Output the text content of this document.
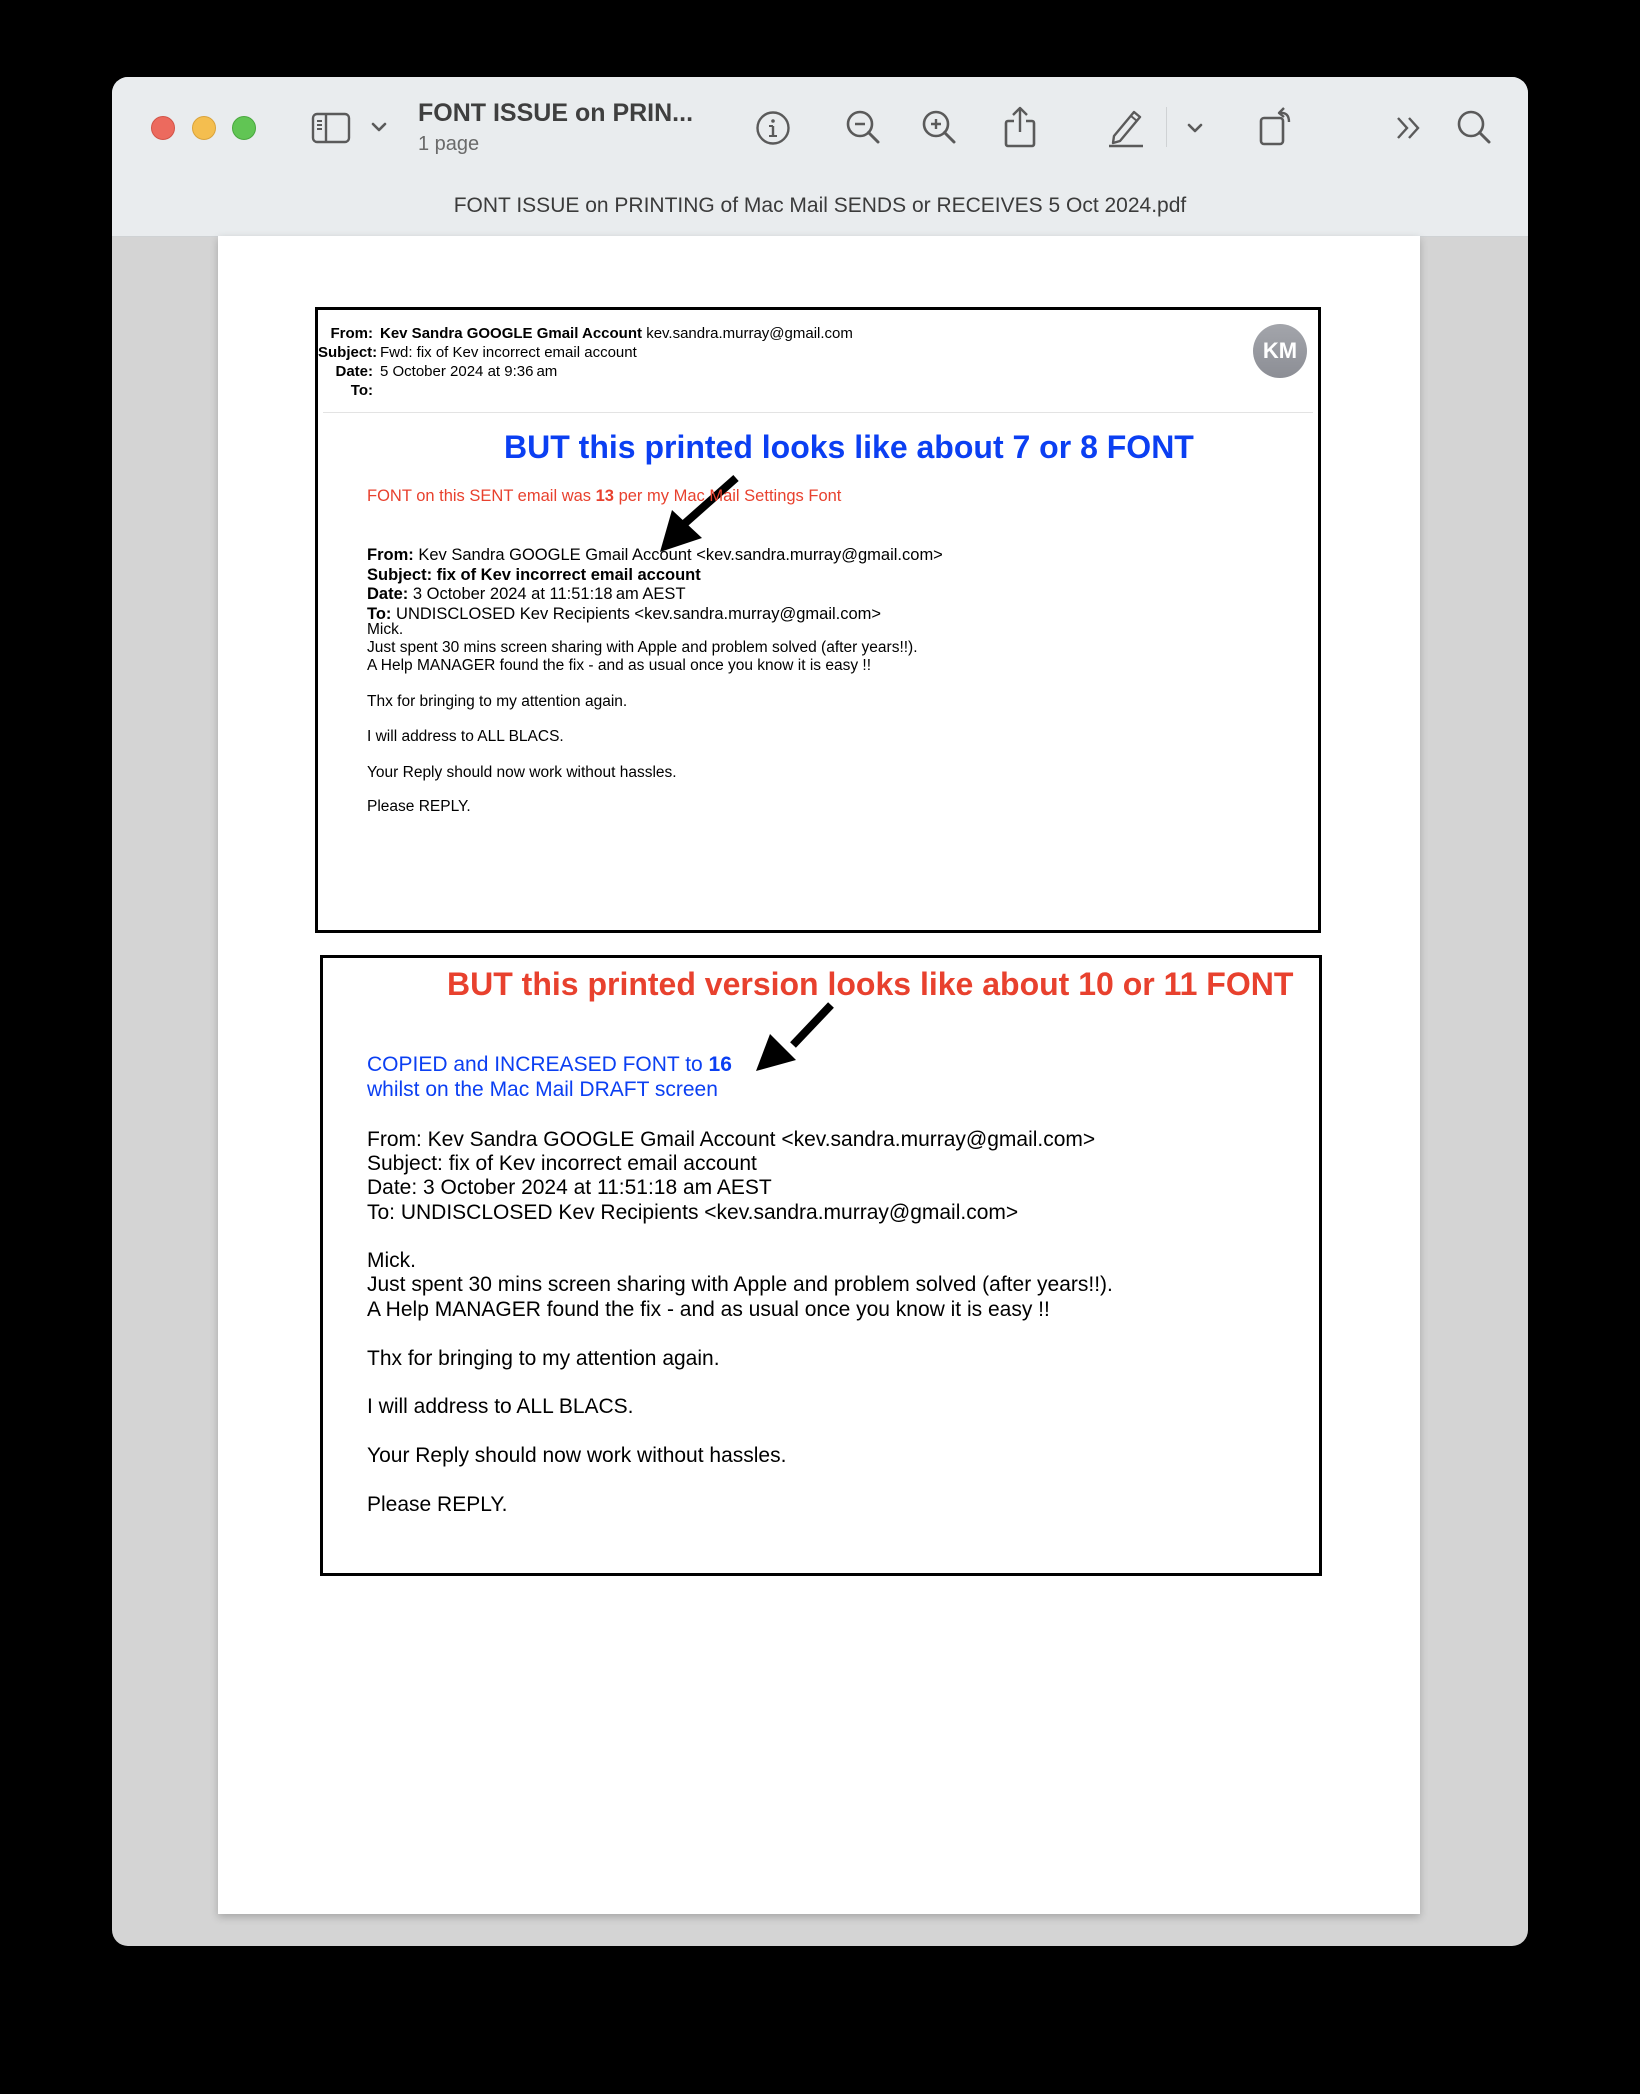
FONT ISSUE on PRIN...
1 page
FONT ISSUE on PRINTING of Mac Mail SENDS or RECEIVES 5 Oct 2024.pdf
From: Kev Sandra GOOGLE Gmail Account kev.sandra.murray@gmail.com
Subject: Fwd: fix of Kev incorrect email account
Date: 5 October 2024 at 9:36 am
To:
KM
BUT this printed looks like about 7 or 8 FONT
FONT on this SENT email was 13 per my Mac Mail Settings Font
From: Kev Sandra GOOGLE Gmail Account <kev.sandra.murray@gmail.com>
Subject: fix of Kev incorrect email account
Date: 3 October 2024 at 11:51:18 am AEST
To: UNDISCLOSED Kev Recipients <kev.sandra.murray@gmail.com>
Mick.
Just spent 30 mins screen sharing with Apple and problem solved (after years!!).
A Help MANAGER found the fix - and as usual once you know it is easy !!
Thx for bringing to my attention again.
I will address to ALL BLACS.
Your Reply should now work without hassles.
Please REPLY.
BUT this printed version looks like about 10 or 11 FONT
COPIED and INCREASED FONT to 16
whilst on the Mac Mail DRAFT screen
From: Kev Sandra GOOGLE Gmail Account <kev.sandra.murray@gmail.com>
Subject: fix of Kev incorrect email account
Date: 3 October 2024 at 11:51:18 am AEST
To: UNDISCLOSED Kev Recipients <kev.sandra.murray@gmail.com>
Mick.
Just spent 30 mins screen sharing with Apple and problem solved (after years!!).
A Help MANAGER found the fix - and as usual once you know it is easy !!
Thx for bringing to my attention again.
I will address to ALL BLACS.
Your Reply should now work without hassles.
Please REPLY.
